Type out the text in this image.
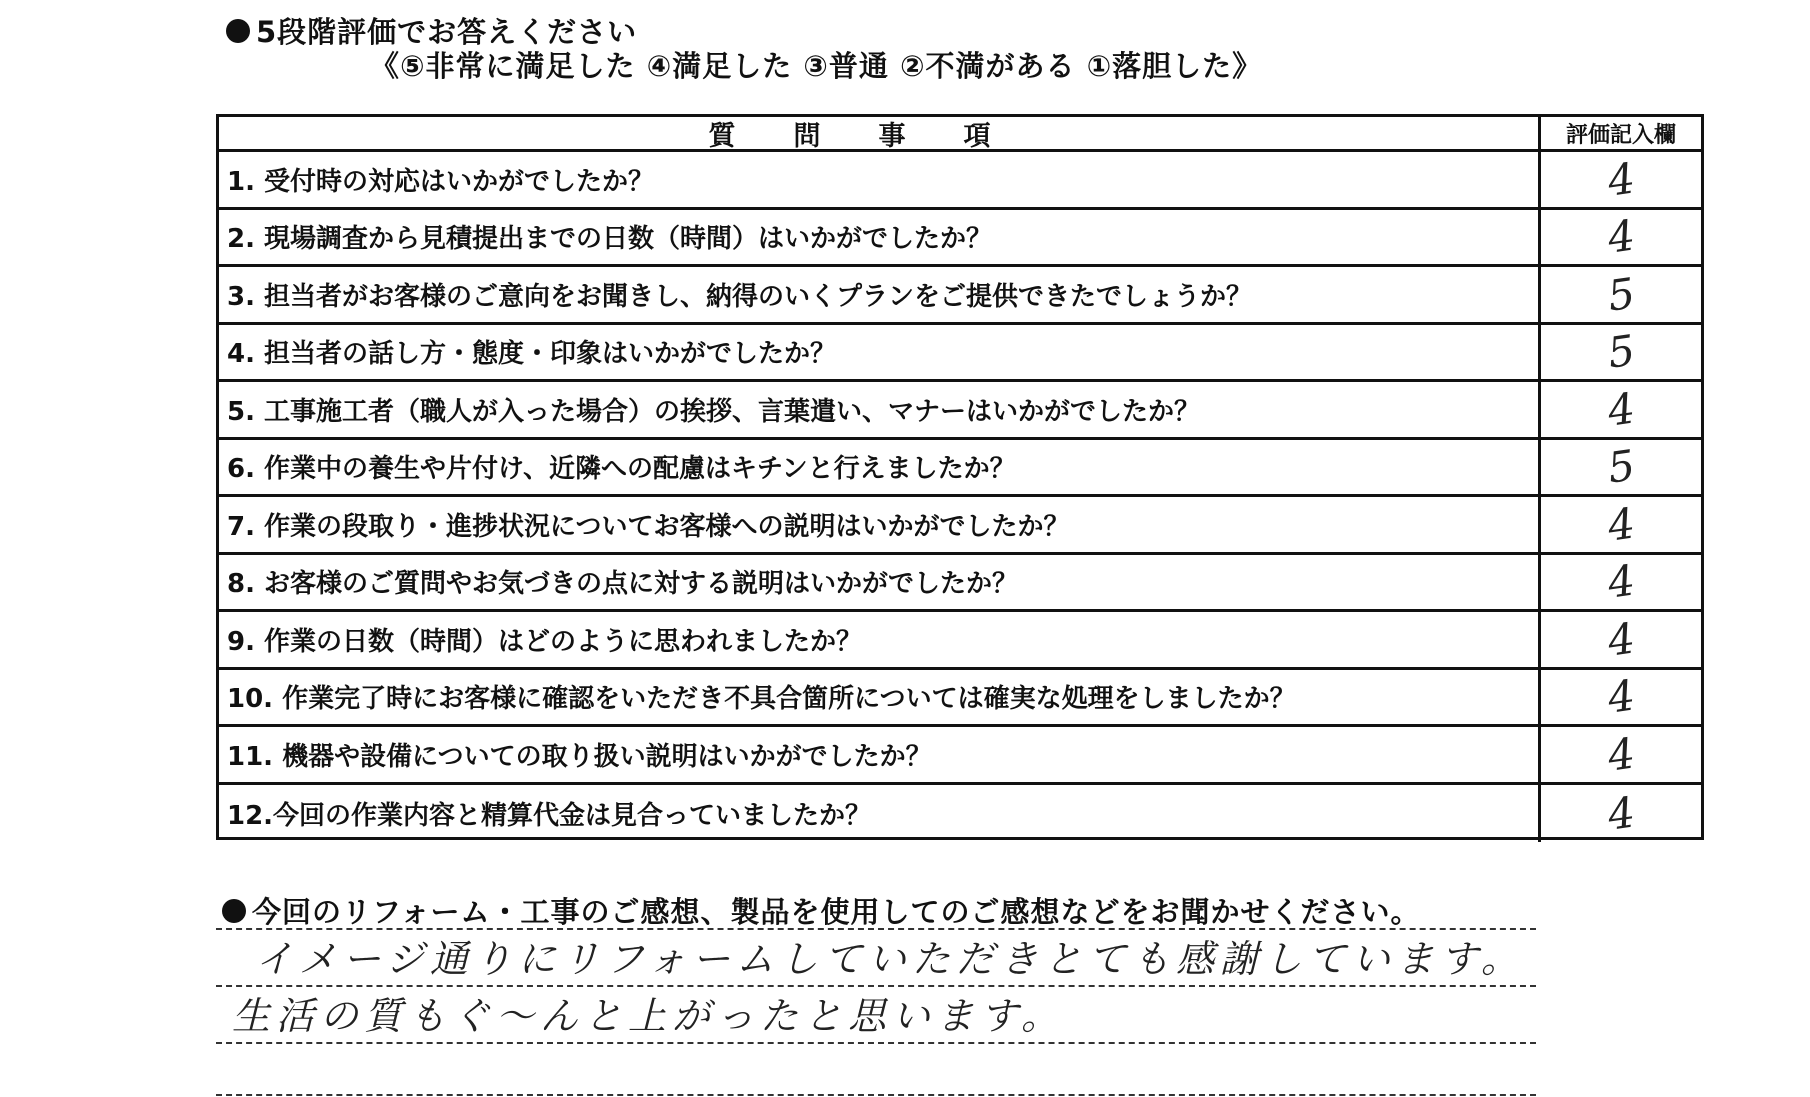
5段階評価でお答えください
《⑤非常に満足した ④満足した ③普通 ②不満がある ①落胆した》
質問事項	評価記入欄
1. 受付時の対応はいかがでしたか？	4
2. 現場調査から見積提出までの日数（時間）はいかがでしたか？	4
3. 担当者がお客様のご意向をお聞きし、納得のいくプランをご提供できたでしょうか？	5
4. 担当者の話し方・態度・印象はいかがでしたか？	5
5. 工事施工者（職人が入った場合）の挨拶、言葉遣い、マナーはいかがでしたか？	4
6. 作業中の養生や片付け、近隣への配慮はキチンと行えましたか？	5
7. 作業の段取り・進捗状況についてお客様への説明はいかがでしたか？	4
8. お客様のご質問やお気づきの点に対する説明はいかがでしたか？	4
9. 作業の日数（時間）はどのように思われましたか？	4
10. 作業完了時にお客様に確認をいただき不具合箇所については確実な処理をしましたか？	4
11. 機器や設備についての取り扱い説明はいかがでしたか？	4
12.今回の作業内容と精算代金は見合っていましたか？	4
今回のリフォーム・工事のご感想、製品を使用してのご感想などをお聞かせください。
イメージ通りにリフォームしていただきとても感謝しています。
生活の質もぐ〜んと上がったと思います。
